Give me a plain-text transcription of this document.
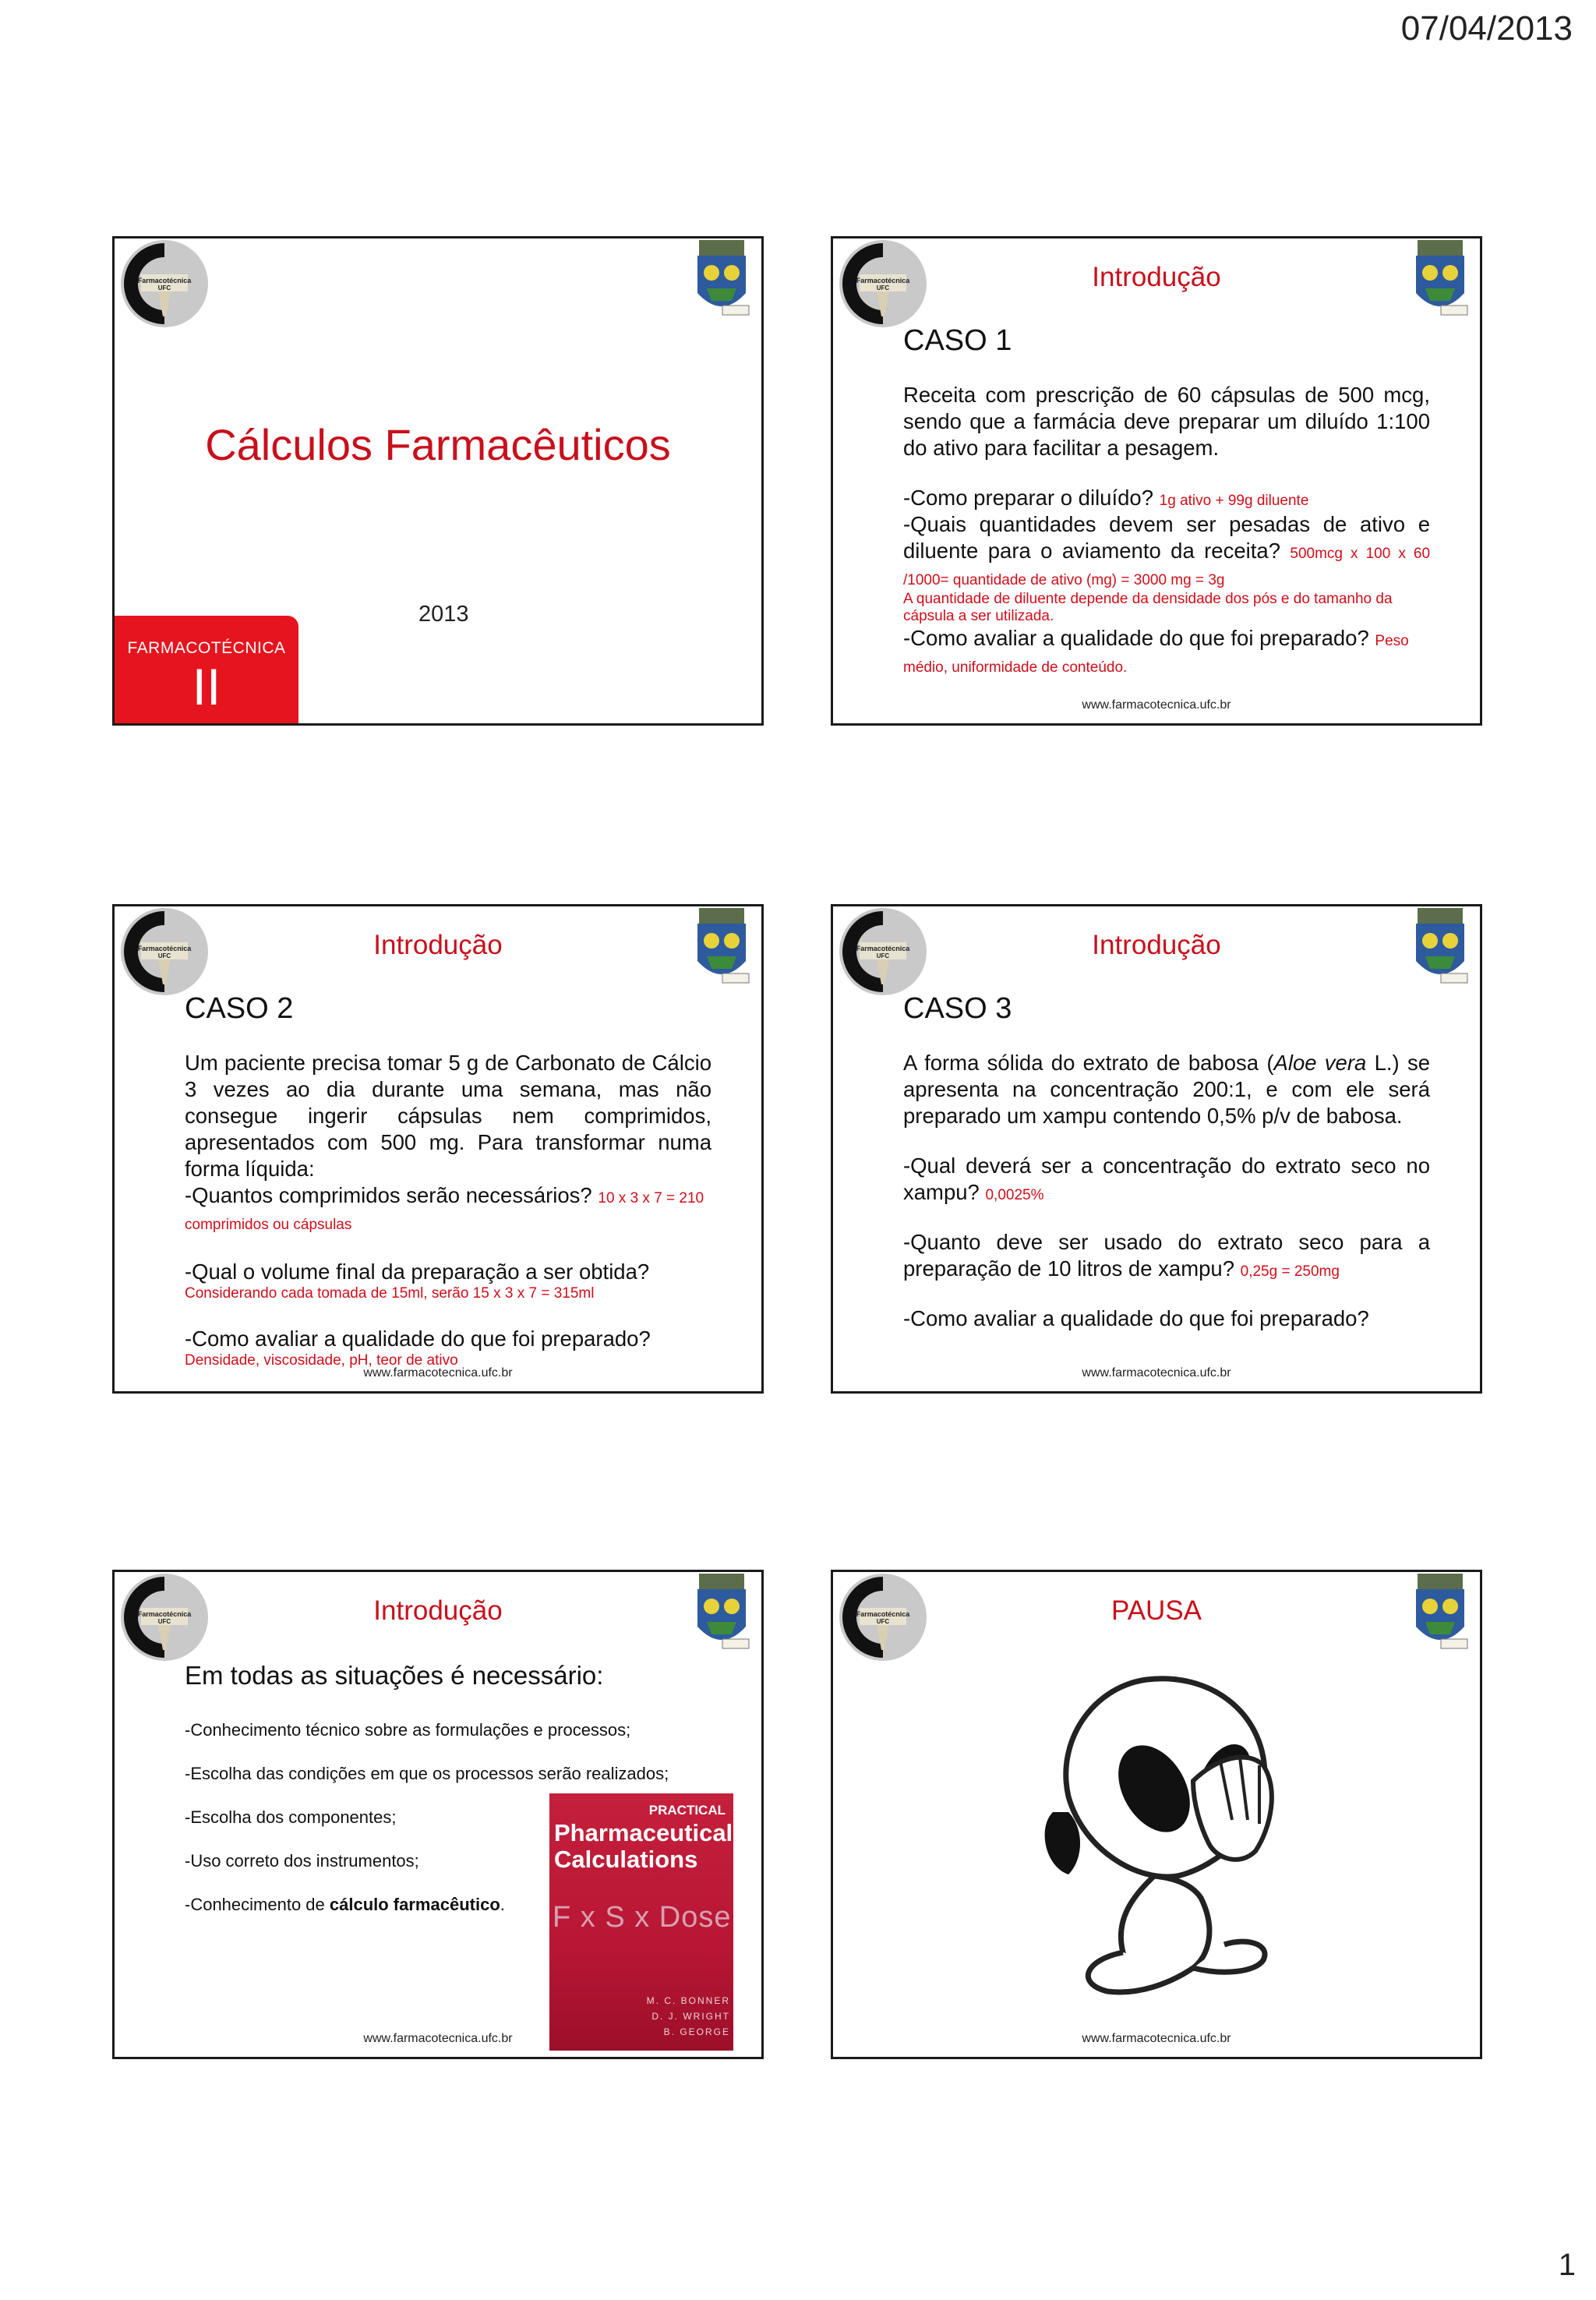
07/04/2013
Farmacotécnica
UFC
Cálculos Farmacêuticos
2013
FARMACOTÉCNICA
II
Farmacotécnica
UFC	Introdução
CASO 1

Receita com prescrição de 60 cápsulas de 500 mcg, sendo que a farmácia deve preparar um diluído 1:100 do ativo para facilitar a pesagem.

-Como preparar o diluído? 1g ativo + 99g diluente

-Quais quantidades devem ser pesadas de ativo e diluente para o aviamento da receita? 500mcg x 100 x 60 /1000= quantidade de ativo (mg) = 3000 mg = 3g

A quantidade de diluente depende da densidade dos pós e do tamanho da cápsula a ser utilizada.

-Como avaliar a qualidade do que foi preparado? Peso médio, uniformidade de conteúdo.

www.farmacotecnica.ufc.br
Farmacotécnica
UFC	Introdução
CASO 2

Um paciente precisa tomar 5 g de Carbonato de Cálcio 3 vezes ao dia durante uma semana, mas não consegue ingerir cápsulas nem comprimidos, apresentados com 500 mg. Para transformar numa forma líquida:

-Quantos comprimidos serão necessários? 10 x 3 x 7 = 210 comprimidos ou cápsulas

-Qual o volume final da preparação a ser obtida?

Considerando cada tomada de 15ml, serão 15 x 3 x 7 = 315ml

-Como avaliar a qualidade do que foi preparado?

Densidade, viscosidade, pH, teor de ativo
www.farmacotecnica.ufc.br
Farmacotécnica
UFC	Introdução
CASO 3

A forma sólida do extrato de babosa (Aloe vera L.) se apresenta na concentração 200:1, e com ele será preparado um xampu contendo 0,5% p/v de babosa.

-Qual deverá ser a concentração do extrato seco no xampu? 0,0025%

-Quanto deve ser usado do extrato seco para a preparação de 10 litros de xampu? 0,25g = 250mg

-Como avaliar a qualidade do que foi preparado?

www.farmacotecnica.ufc.br
Farmacotécnica
UFC	Introdução
Em todas as situações é necessário:
-Conhecimento técnico sobre as formulações e processos;
-Escolha das condições em que os processos serão realizados;
-Escolha dos componentes;
-Uso correto dos instrumentos;
-Conhecimento de cálculo farmacêutico.
PRACTICAL
Pharmaceutical
Calculations
F x S x Dose
M. C. BONNER
D. J. WRIGHT
B. GEORGE
www.farmacotecnica.ufc.br
Farmacotécnica
UFC	PAUSA
www.farmacotecnica.ufc.br
1
